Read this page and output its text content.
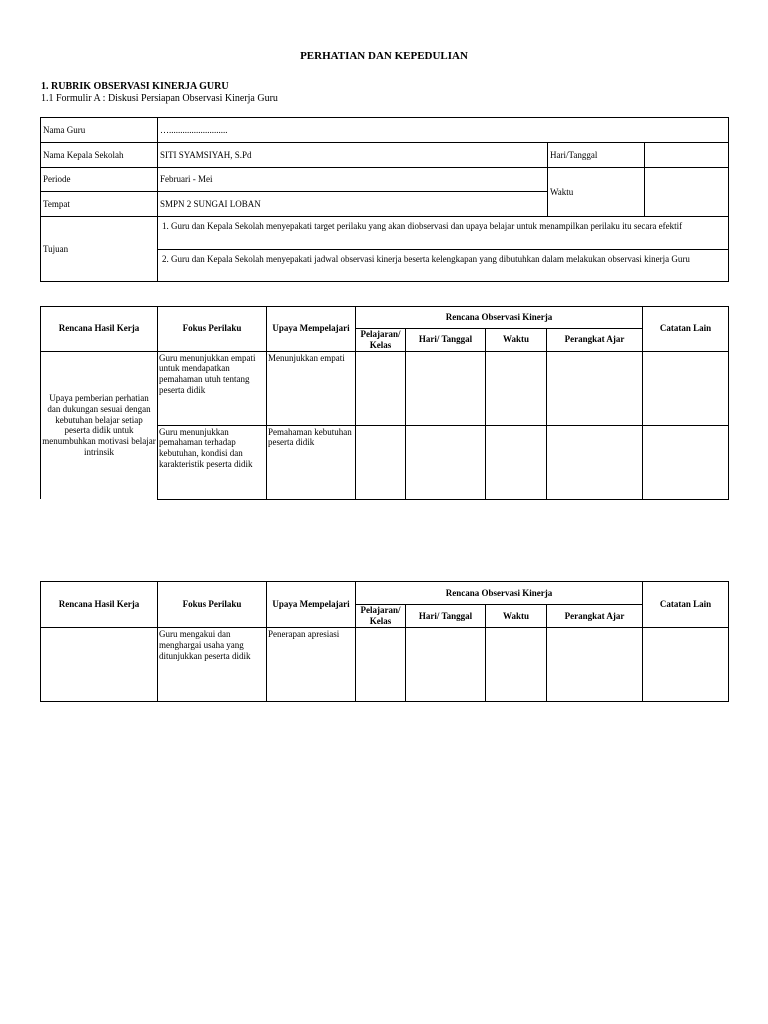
PERHATIAN DAN KEPEDULIAN
1. RUBRIK OBSERVASI KINERJA GURU
1.1 Formulir A : Diskusi Persiapan Observasi Kinerja Guru
Nama Guru	…..........................		
Nama Kepala Sekolah	SITI SYAMSIYAH, S.Pd	Hari/Tanggal	
Periode	Februari - Mei	Waktu	
Tempat	SMPN 2 SUNGAI LOBAN		
Tujuan	1. Guru dan Kepala Sekolah menyepakati target perilaku yang akan diobservasi dan upaya belajar untuk menampilkan perilaku itu secara efektif		

	2. Guru dan Kepala Sekolah menyepakati jadwal observasi kinerja beserta kelengkapan yang dibutuhkan dalam melakukan observasi kinerja Guru		
Rencana Hasil Kerja	Fokus Perilaku	Upaya Mempelajari	Rencana Observasi Kinerja				Catatan Lain
			Pelajaran/ Kelas	Hari/ Tanggal	Waktu	Perangkat Ajar	
Upaya pemberian perhatian dan dukungan sesuai dengan kebutuhan belajar setiap peserta didik untuk menumbuhkan motivasi belajar intrinsik	Guru menunjukkan empati untuk mendapatkan pemahaman utuh tentang peserta didik	Menunjukkan empati					
	Guru menunjukkan pemahaman terhadap kebutuhan, kondisi dan karakteristik peserta didik	Pemahaman kebutuhan peserta didik					
Rencana Hasil Kerja	Fokus Perilaku	Upaya Mempelajari	Rencana Observasi Kinerja				Catatan Lain
			Pelajaran/ Kelas	Hari/ Tanggal	Waktu	Perangkat Ajar	
	Guru mengakui dan menghargai usaha yang ditunjukkan peserta didik	Penerapan apresiasi					
